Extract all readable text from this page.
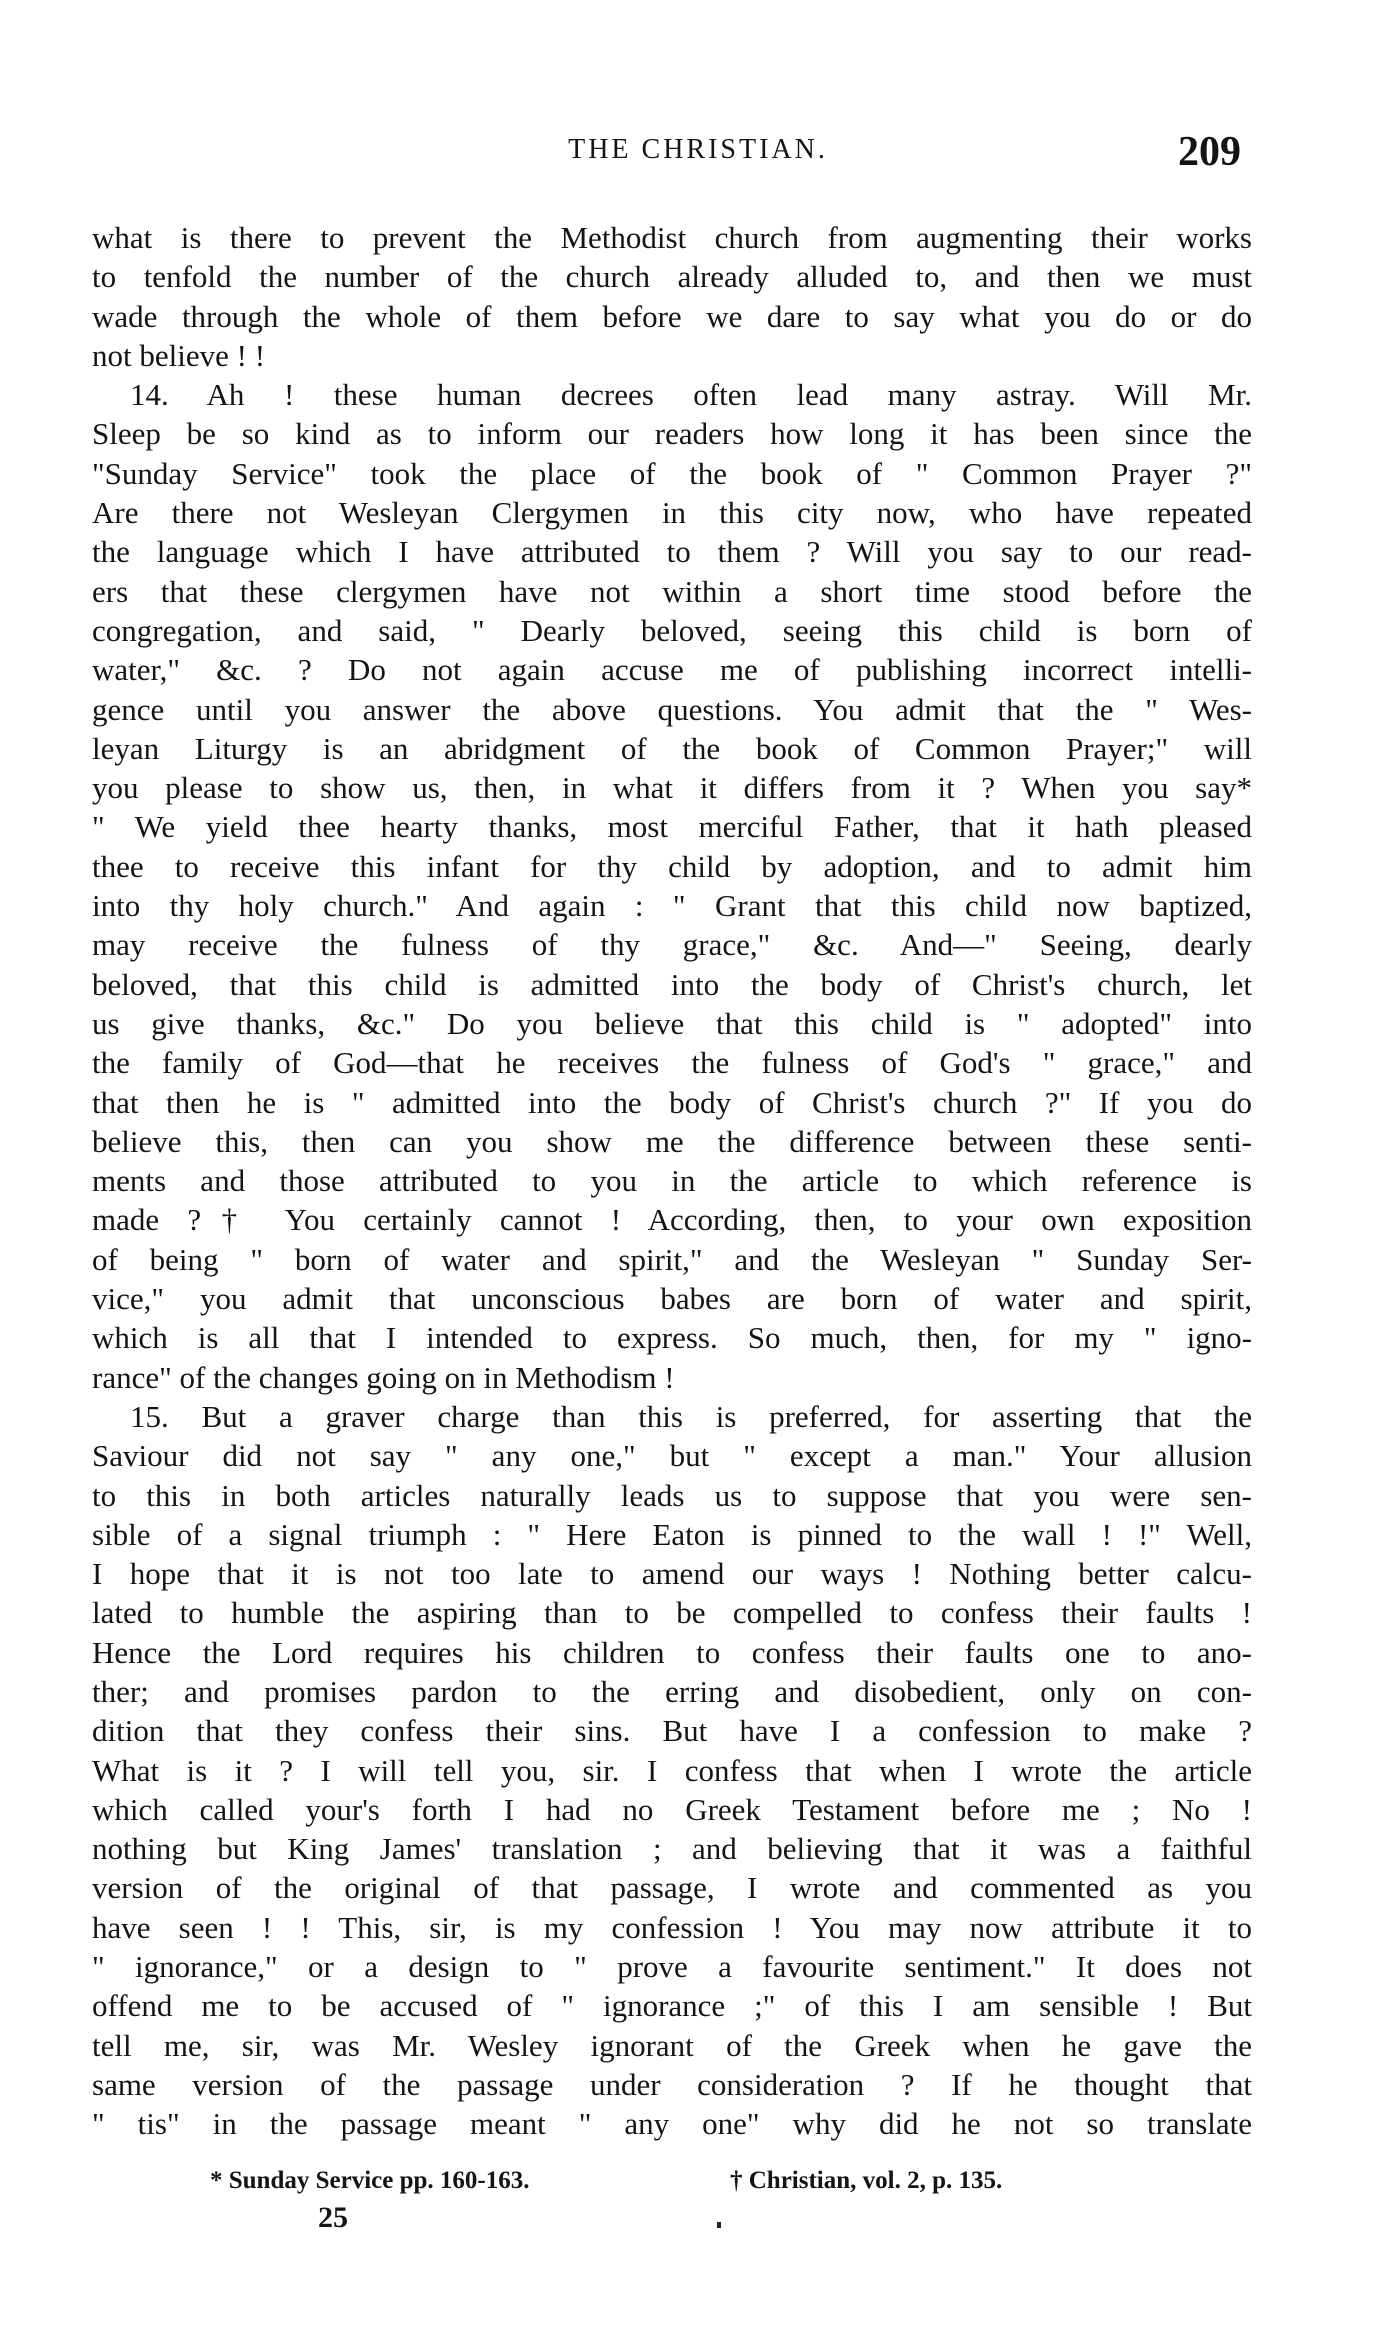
THE CHRISTIAN.	209
what is there to prevent the Methodist church from augmenting their works
to tenfold the number of the church already alluded to, and then we must
wade through the whole of them before we dare to say what you do or do
not believe ! !
14. Ah ! these human decrees often lead many astray. Will Mr.
Sleep be so kind as to inform our readers how long it has been since the
"Sunday Service" took the place of the book of " Common Prayer ?"
Are there not Wesleyan Clergymen in this city now, who have repeated
the language which I have attributed to them ? Will you say to our read-
ers that these clergymen have not within a short time stood before the
congregation, and said, " Dearly beloved, seeing this child is born of
water," &c. ? Do not again accuse me of publishing incorrect intelli-
gence until you answer the above questions. You admit that the " Wes-
leyan Liturgy is an abridgment of the book of Common Prayer;" will
you please to show us, then, in what it differs from it ? When you say*
" We yield thee hearty thanks, most merciful Father, that it hath pleased
thee to receive this infant for thy child by adoption, and to admit him
into thy holy church." And again : " Grant that this child now baptized,
may receive the fulness of thy grace," &c. And—" Seeing, dearly
beloved, that this child is admitted into the body of Christ's church, let
us give thanks, &c." Do you believe that this child is " adopted" into
the family of God—that he receives the fulness of God's " grace," and
that then he is " admitted into the body of Christ's church ?" If you do
believe this, then can you show me the difference between these senti-
ments and those attributed to you in the article to which reference is
made ?† You certainly cannot ! According, then, to your own exposition
of being " born of water and spirit," and the Wesleyan " Sunday Ser-
vice," you admit that unconscious babes are born of water and spirit,
which is all that I intended to express. So much, then, for my " igno-
rance" of the changes going on in Methodism !
15. But a graver charge than this is preferred, for asserting that the
Saviour did not say " any one," but " except a man." Your allusion
to this in both articles naturally leads us to suppose that you were sen-
sible of a signal triumph : " Here Eaton is pinned to the wall ! !" Well,
I hope that it is not too late to amend our ways ! Nothing better calcu-
lated to humble the aspiring than to be compelled to confess their faults !
Hence the Lord requires his children to confess their faults one to ano-
ther; and promises pardon to the erring and disobedient, only on con-
dition that they confess their sins. But have I a confession to make ?
What is it ? I will tell you, sir. I confess that when I wrote the article
which called your's forth I had no Greek Testament before me ; No !
nothing but King James' translation ; and believing that it was a faithful
version of the original of that passage, I wrote and commented as you
have seen ! ! This, sir, is my confession ! You may now attribute it to
" ignorance," or a design to " prove a favourite sentiment." It does not
offend me to be accused of " ignorance ;" of this I am sensible ! But
tell me, sir, was Mr. Wesley ignorant of the Greek when he gave the
same version of the passage under consideration ? If he thought that
" tis" in the passage meant " any one" why did he not so translate
* Sunday Service pp. 160-163.	† Christian, vol. 2, p. 135.
25
